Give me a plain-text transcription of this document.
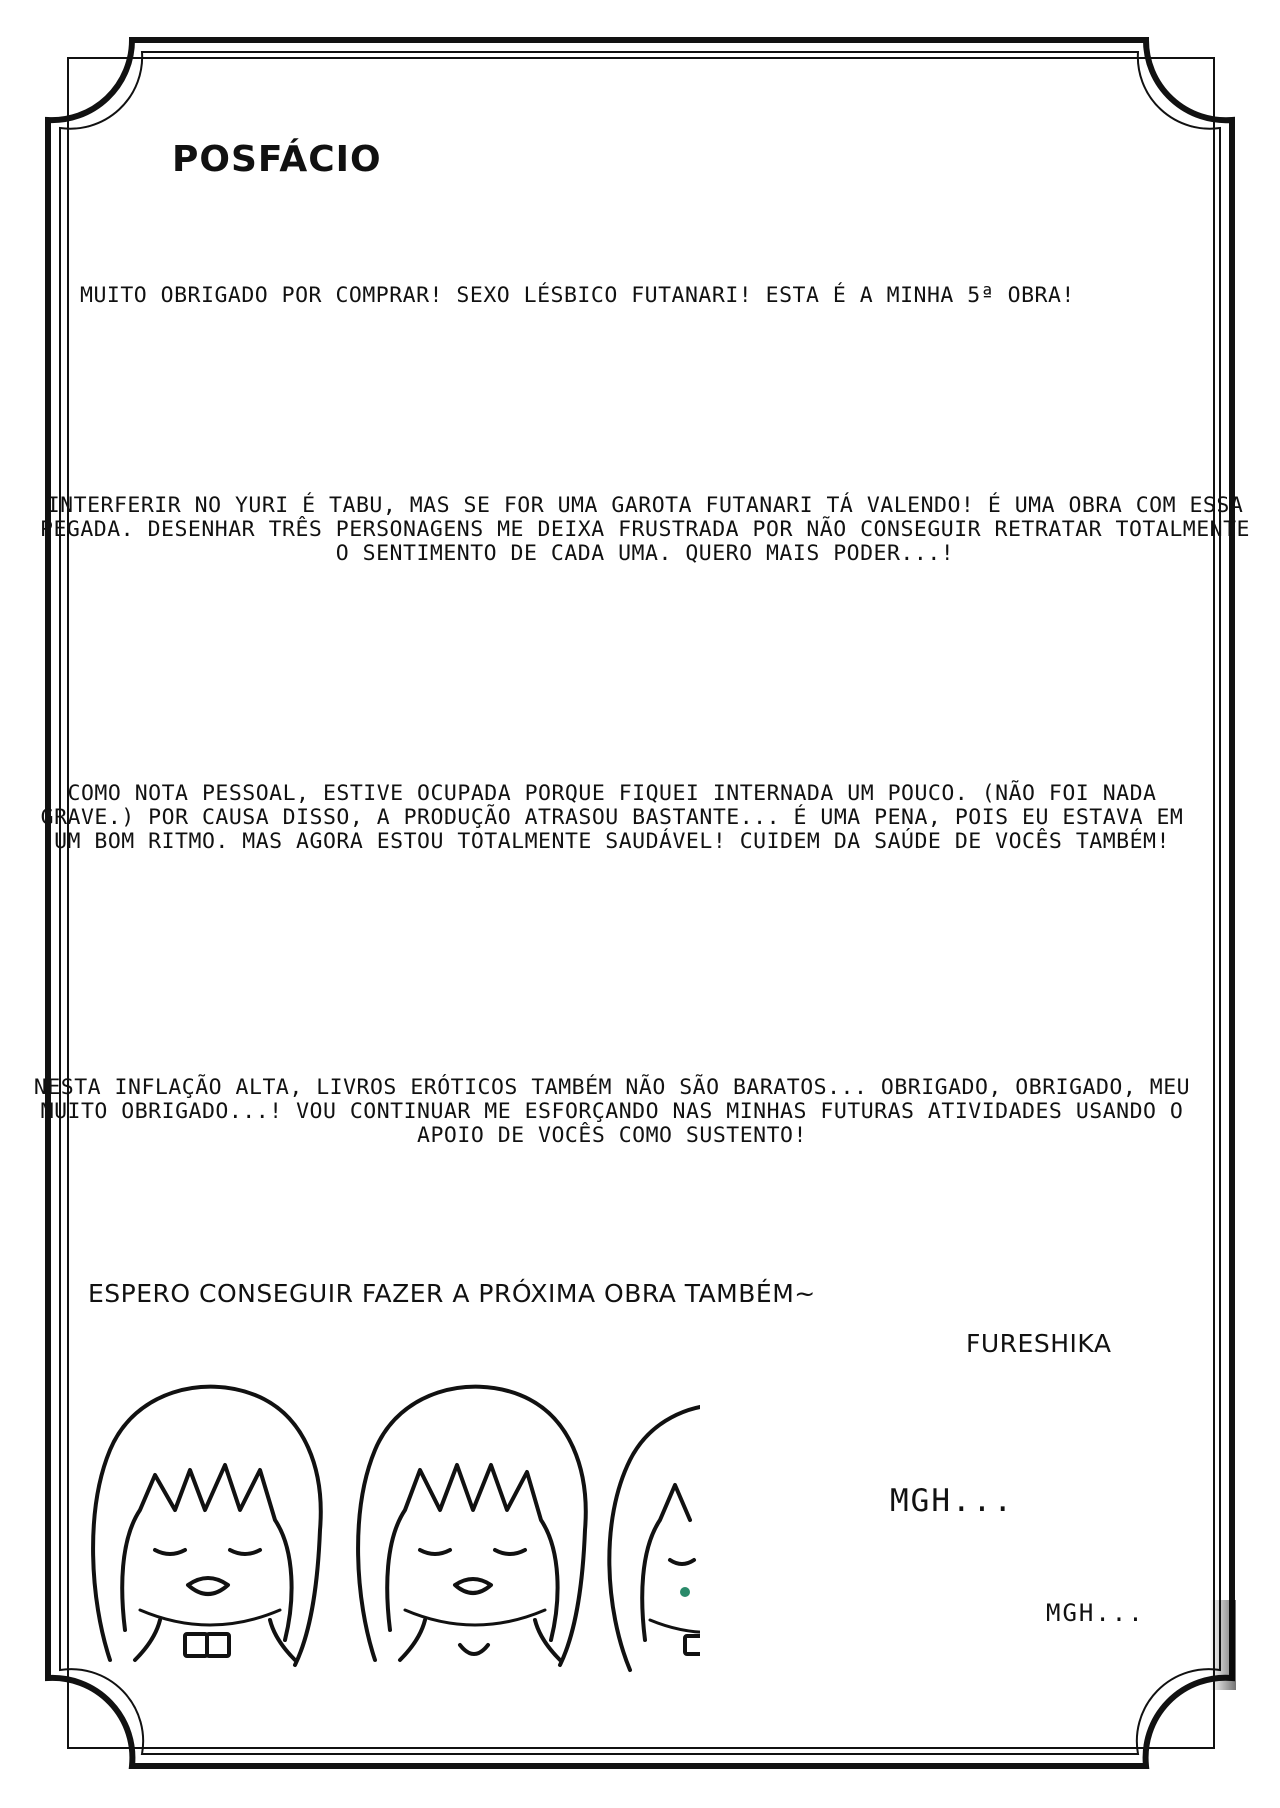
POSFÁCIO

MUITO OBRIGADO POR COMPRAR! SEXO LÉSBICO FUTANARI! ESTA É A MINHA 5ª OBRA!

INTERFERIR NO YURI É TABU, MAS SE FOR UMA GAROTA FUTANARI TÁ VALENDO! É UMA OBRA COM ESSA PEGADA. DESENHAR TRÊS PERSONAGENS ME DEIXA FRUSTRADA POR NÃO CONSEGUIR RETRATAR TOTALMENTE O SENTIMENTO DE CADA UMA. QUERO MAIS PODER...!

COMO NOTA PESSOAL, ESTIVE OCUPADA PORQUE FIQUEI INTERNADA UM POUCO. (NÃO FOI NADA GRAVE.) POR CAUSA DISSO, A PRODUÇÃO ATRASOU BASTANTE... É UMA PENA, POIS EU ESTAVA EM UM BOM RITMO. MAS AGORA ESTOU TOTALMENTE SAUDÁVEL! CUIDEM DA SAÚDE DE VOCÊS TAMBÉM!

NESTA INFLAÇÃO ALTA, LIVROS ERÓTICOS TAMBÉM NÃO SÃO BARATOS... OBRIGADO, OBRIGADO, MEU MUITO OBRIGADO...! VOU CONTINUAR ME ESFORÇANDO NAS MINHAS FUTURAS ATIVIDADES USANDO O APOIO DE VOCÊS COMO SUSTENTO!

ESPERO CONSEGUIR FAZER A PRÓXIMA OBRA TAMBÉM~

FURESHIKA

MGH...

MGH...
